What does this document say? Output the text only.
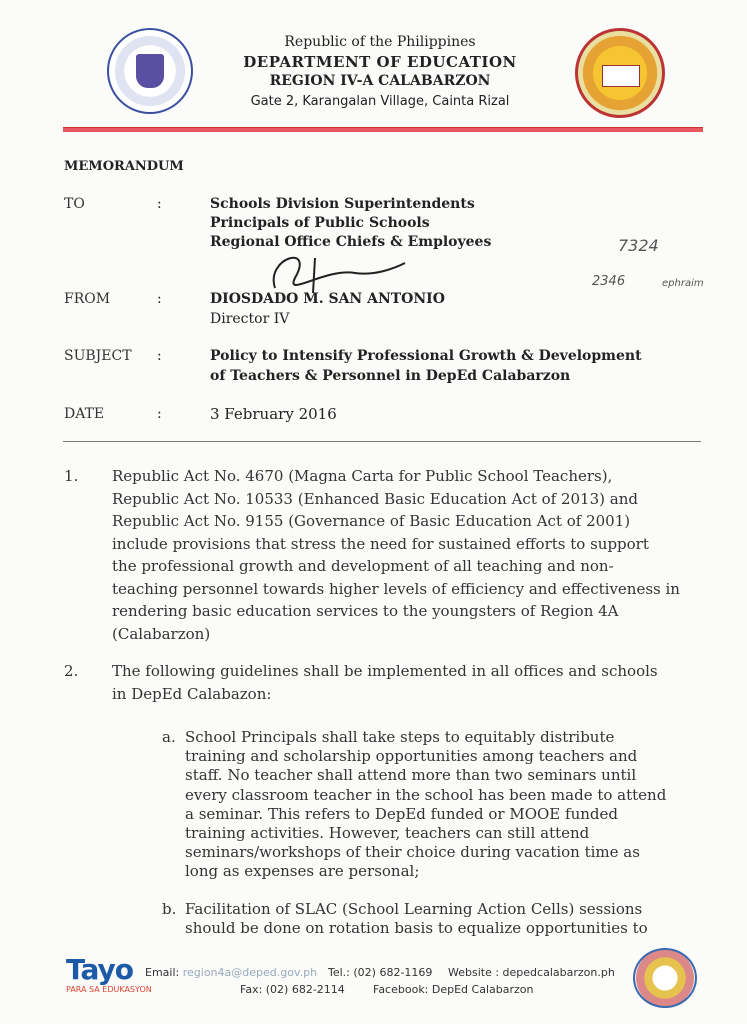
Republic of the Philippines
DEPARTMENT OF EDUCATION
REGION IV-A CALABARZON
Gate 2, Karangalan Village, Cainta Rizal
MEMORANDUM
TO	:	Schools Division Superintendents
Principals of Public Schools
Regional Office Chiefs & Employees	7324
2346	ephraim
FROM	:	DIOSDADO M. SAN ANTONIO
Director IV
SUBJECT :	Policy to Intensify Professional Growth & Development
of Teachers & Personnel in DepEd Calabarzon
DATE	:	3 February 2016
1. Republic Act No. 4670 (Magna Carta for Public School Teachers),
Republic Act No. 10533 (Enhanced Basic Education Act of 2013) and
Republic Act No. 9155 (Governance of Basic Education Act of 2001)
include provisions that stress the need for sustained efforts to support
the professional growth and development of all teaching and non-
teaching personnel towards higher levels of efficiency and effectiveness in
rendering basic education services to the youngsters of Region 4A
(Calabarzon)
2. The following guidelines shall be implemented in all offices and schools
in DepEd Calabazon:
a. School Principals shall take steps to equitably distribute
training and scholarship opportunities among teachers and
staff. No teacher shall attend more than two seminars until
every classroom teacher in the school has been made to attend
a seminar. This refers to DepEd funded or MOOE funded
training activities. However, teachers can still attend
seminars/workshops of their choice during vacation time as
long as expenses are personal;
b. Facilitation of SLAC (School Learning Action Cells) sessions
should be done on rotation basis to equalize opportunities to
Tayo
PARA SA EDUKASYON
Email: region4a@deped.gov.ph Tel.: (02) 682-1169 Website : depedcalabarzon.ph
Fax: (02) 682-2114	Facebook: DepEd Calabarzon
